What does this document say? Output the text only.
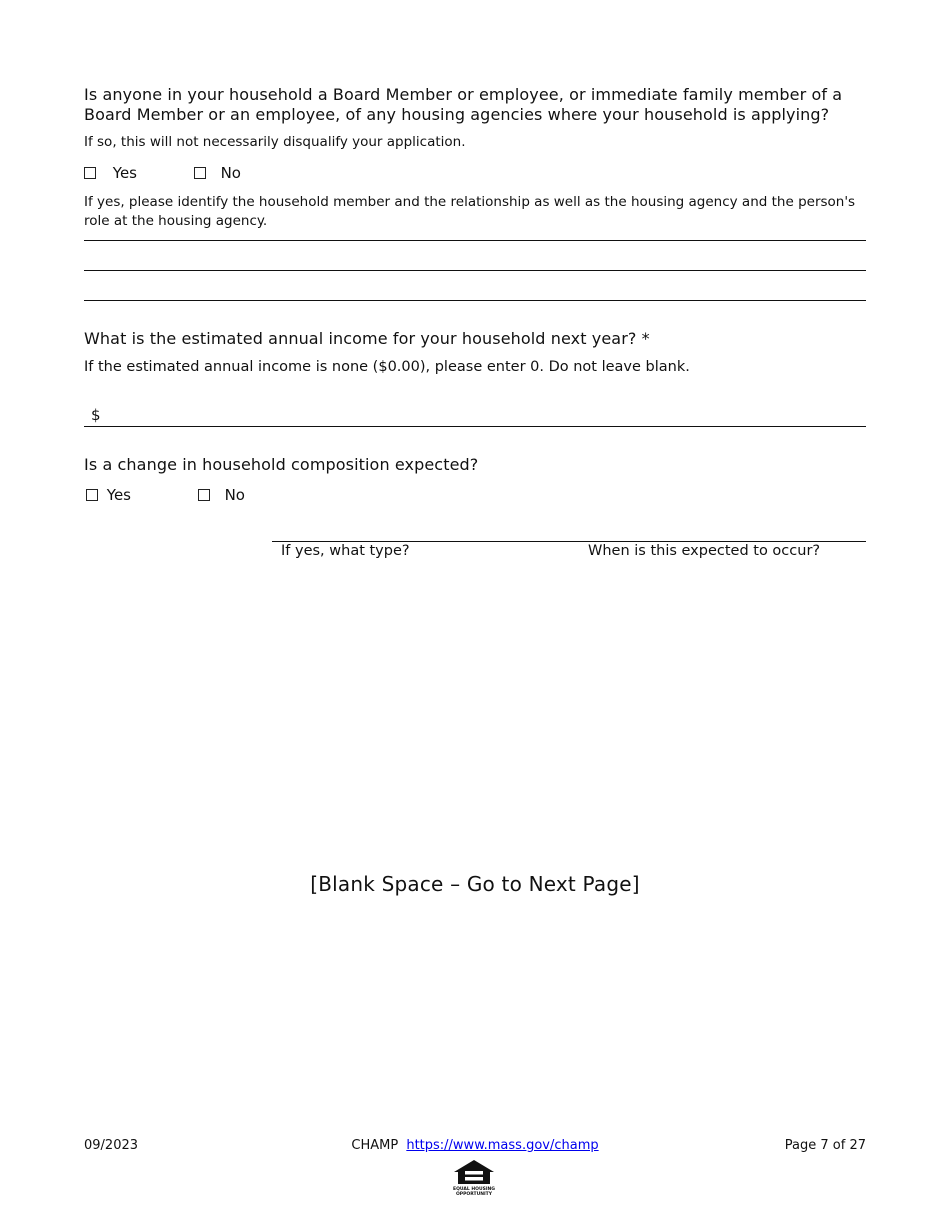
Is anyone in your household a Board Member or employee, or immediate family member of a Board Member or an employee, of any housing agencies where your household is applying?
If so, this will not necessarily disqualify your application.
Yes	No
If yes, please identify the household member and the relationship as well as the housing agency and the person's role at the housing agency.
What is the estimated annual income for your household next year? *
If the estimated annual income is none ($0.00), please enter 0. Do not leave blank.
$
Is a change in household composition expected?
Yes	No
If yes, what type?	When is this expected to occur?
[Blank Space – Go to Next Page]
09/2023	CHAMP https://www.mass.gov/champ	Page 7 of 27
EQUAL HOUSING OPPORTUNITY
